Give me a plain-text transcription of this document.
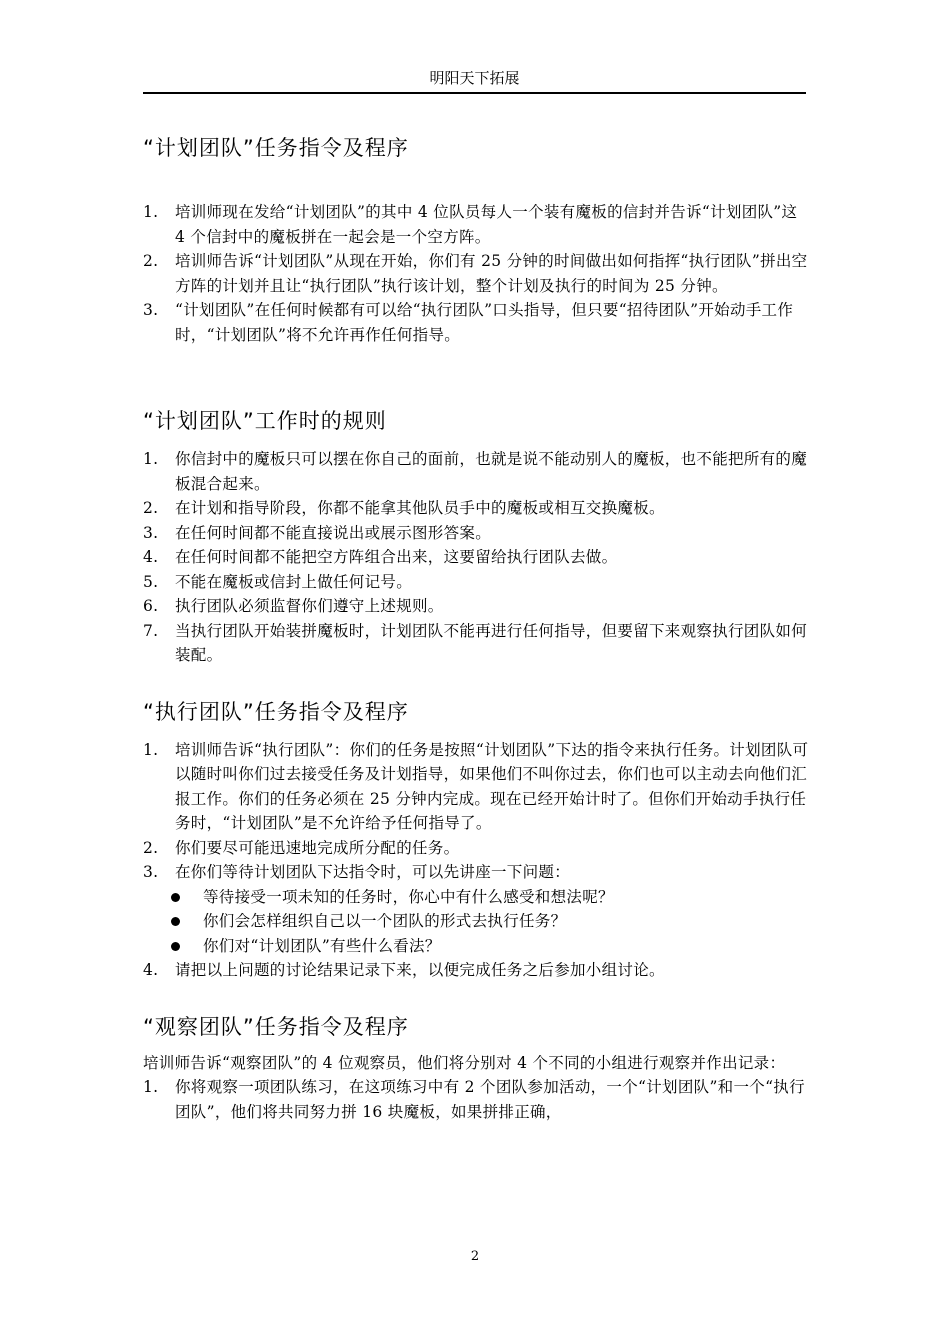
明阳天下拓展
“计划团队”任务指令及程序
1. 培训师现在发给“计划团队”的其中 4 位队员每人一个装有魔板的信封并告诉“计划团队”这 4 个信封中的魔板拼在一起会是一个空方阵。
2. 培训师告诉“计划团队”从现在开始，你们有 25 分钟的时间做出如何指挥“执行团队”拼出空方阵的计划并且让“执行团队”执行该计划，整个计划及执行的时间为 25 分钟。
3. “计划团队”在任何时候都有可以给“执行团队”口头指导，但只要“招待团队”开始动手工作时，“计划团队”将不允许再作任何指导。
“计划团队”工作时的规则
1. 你信封中的魔板只可以摆在你自己的面前，也就是说不能动别人的魔板，也不能把所有的魔板混合起来。
2. 在计划和指导阶段，你都不能拿其他队员手中的魔板或相互交换魔板。
3. 在任何时间都不能直接说出或展示图形答案。
4. 在任何时间都不能把空方阵组合出来，这要留给执行团队去做。
5. 不能在魔板或信封上做任何记号。
6. 执行团队必须监督你们遵守上述规则。
7. 当执行团队开始装拼魔板时，计划团队不能再进行任何指导，但要留下来观察执行团队如何装配。
“执行团队”任务指令及程序
1. 培训师告诉“执行团队”：你们的任务是按照“计划团队”下达的指令来执行任务。计划团队可以随时叫你们过去接受任务及计划指导，如果他们不叫你过去，你们也可以主动去向他们汇报工作。你们的任务必须在 25 分钟内完成。现在已经开始计时了。但你们开始动手执行任务时，“计划团队”是不允许给予任何指导了。
2. 你们要尽可能迅速地完成所分配的任务。
3. 在你们等待计划团队下达指令时，可以先讲座一下问题：
等待接受一项未知的任务时，你心中有什么感受和想法呢？
你们会怎样组织自己以一个团队的形式去执行任务？
你们对“计划团队”有些什么看法？
4. 请把以上问题的讨论结果记录下来，以便完成任务之后参加小组讨论。
“观察团队”任务指令及程序

培训师告诉“观察团队”的 4 位观察员，他们将分别对 4 个不同的小组进行观察并作出记录：

1. 你将观察一项团队练习，在这项练习中有 2 个团队参加活动，一个“计划团队”和一个“执行团队”，他们将共同努力拼 16 块魔板，如果拼排正确，
2
